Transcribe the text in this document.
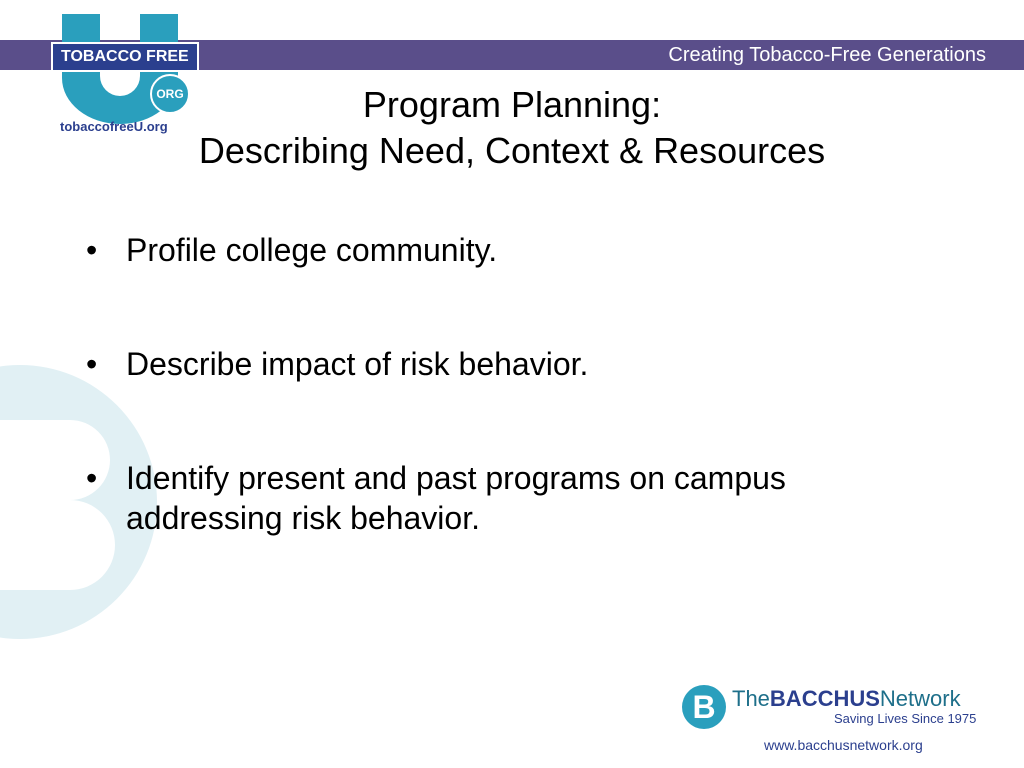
Creating Tobacco-Free Generations
TOBACCO FREE
ORG
tobaccofreeU.org
Program Planning:
Describing Need, Context & Resources
• Profile college community.
• Describe impact of risk behavior.
• Identify present and past programs on campus addressing risk behavior.
B TheBACCHUSNetwork
Saving Lives Since 1975
www.bacchusnetwork.org
